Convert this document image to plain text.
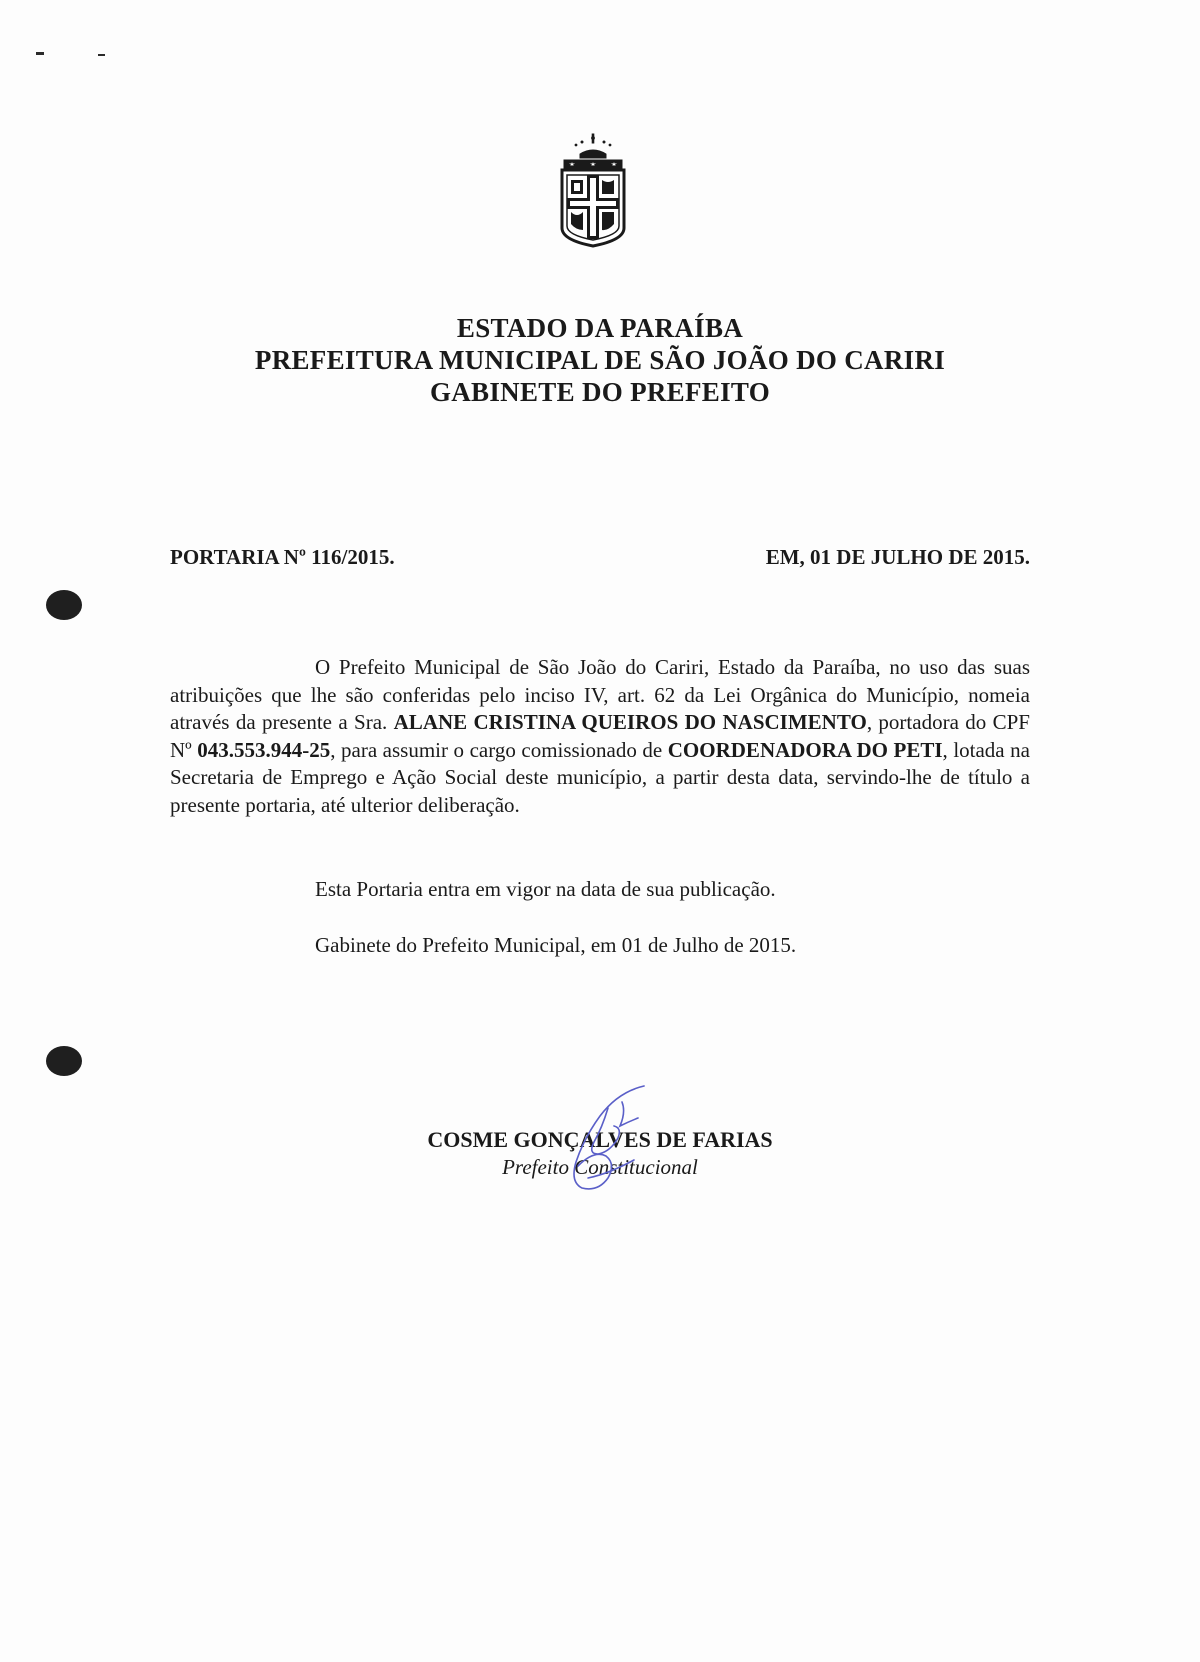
ESTADO DA PARAÍBA
PREFEITURA MUNICIPAL DE SÃO JOÃO DO CARIRI
GABINETE DO PREFEITO
PORTARIA Nº 116/2015.	EM, 01 DE JULHO DE 2015.

O Prefeito Municipal de São João do Cariri, Estado da Paraíba, no uso das suas atribuições que lhe são conferidas pelo inciso IV, art. 62 da Lei Orgânica do Município, nomeia através da presente a Sra. ALANE CRISTINA QUEIROS DO NASCIMENTO, portadora do CPF Nº 043.553.944-25, para assumir o cargo comissionado de COORDENADORA DO PETI, lotada na Secretaria de Emprego e Ação Social deste município, a partir desta data, servindo-lhe de título a presente portaria, até ulterior deliberação.

Esta Portaria entra em vigor na data de sua publicação.
Gabinete do Prefeito Municipal, em 01 de Julho de 2015.
COSME GONÇALVES DE FARIAS
Prefeito Constitucional
